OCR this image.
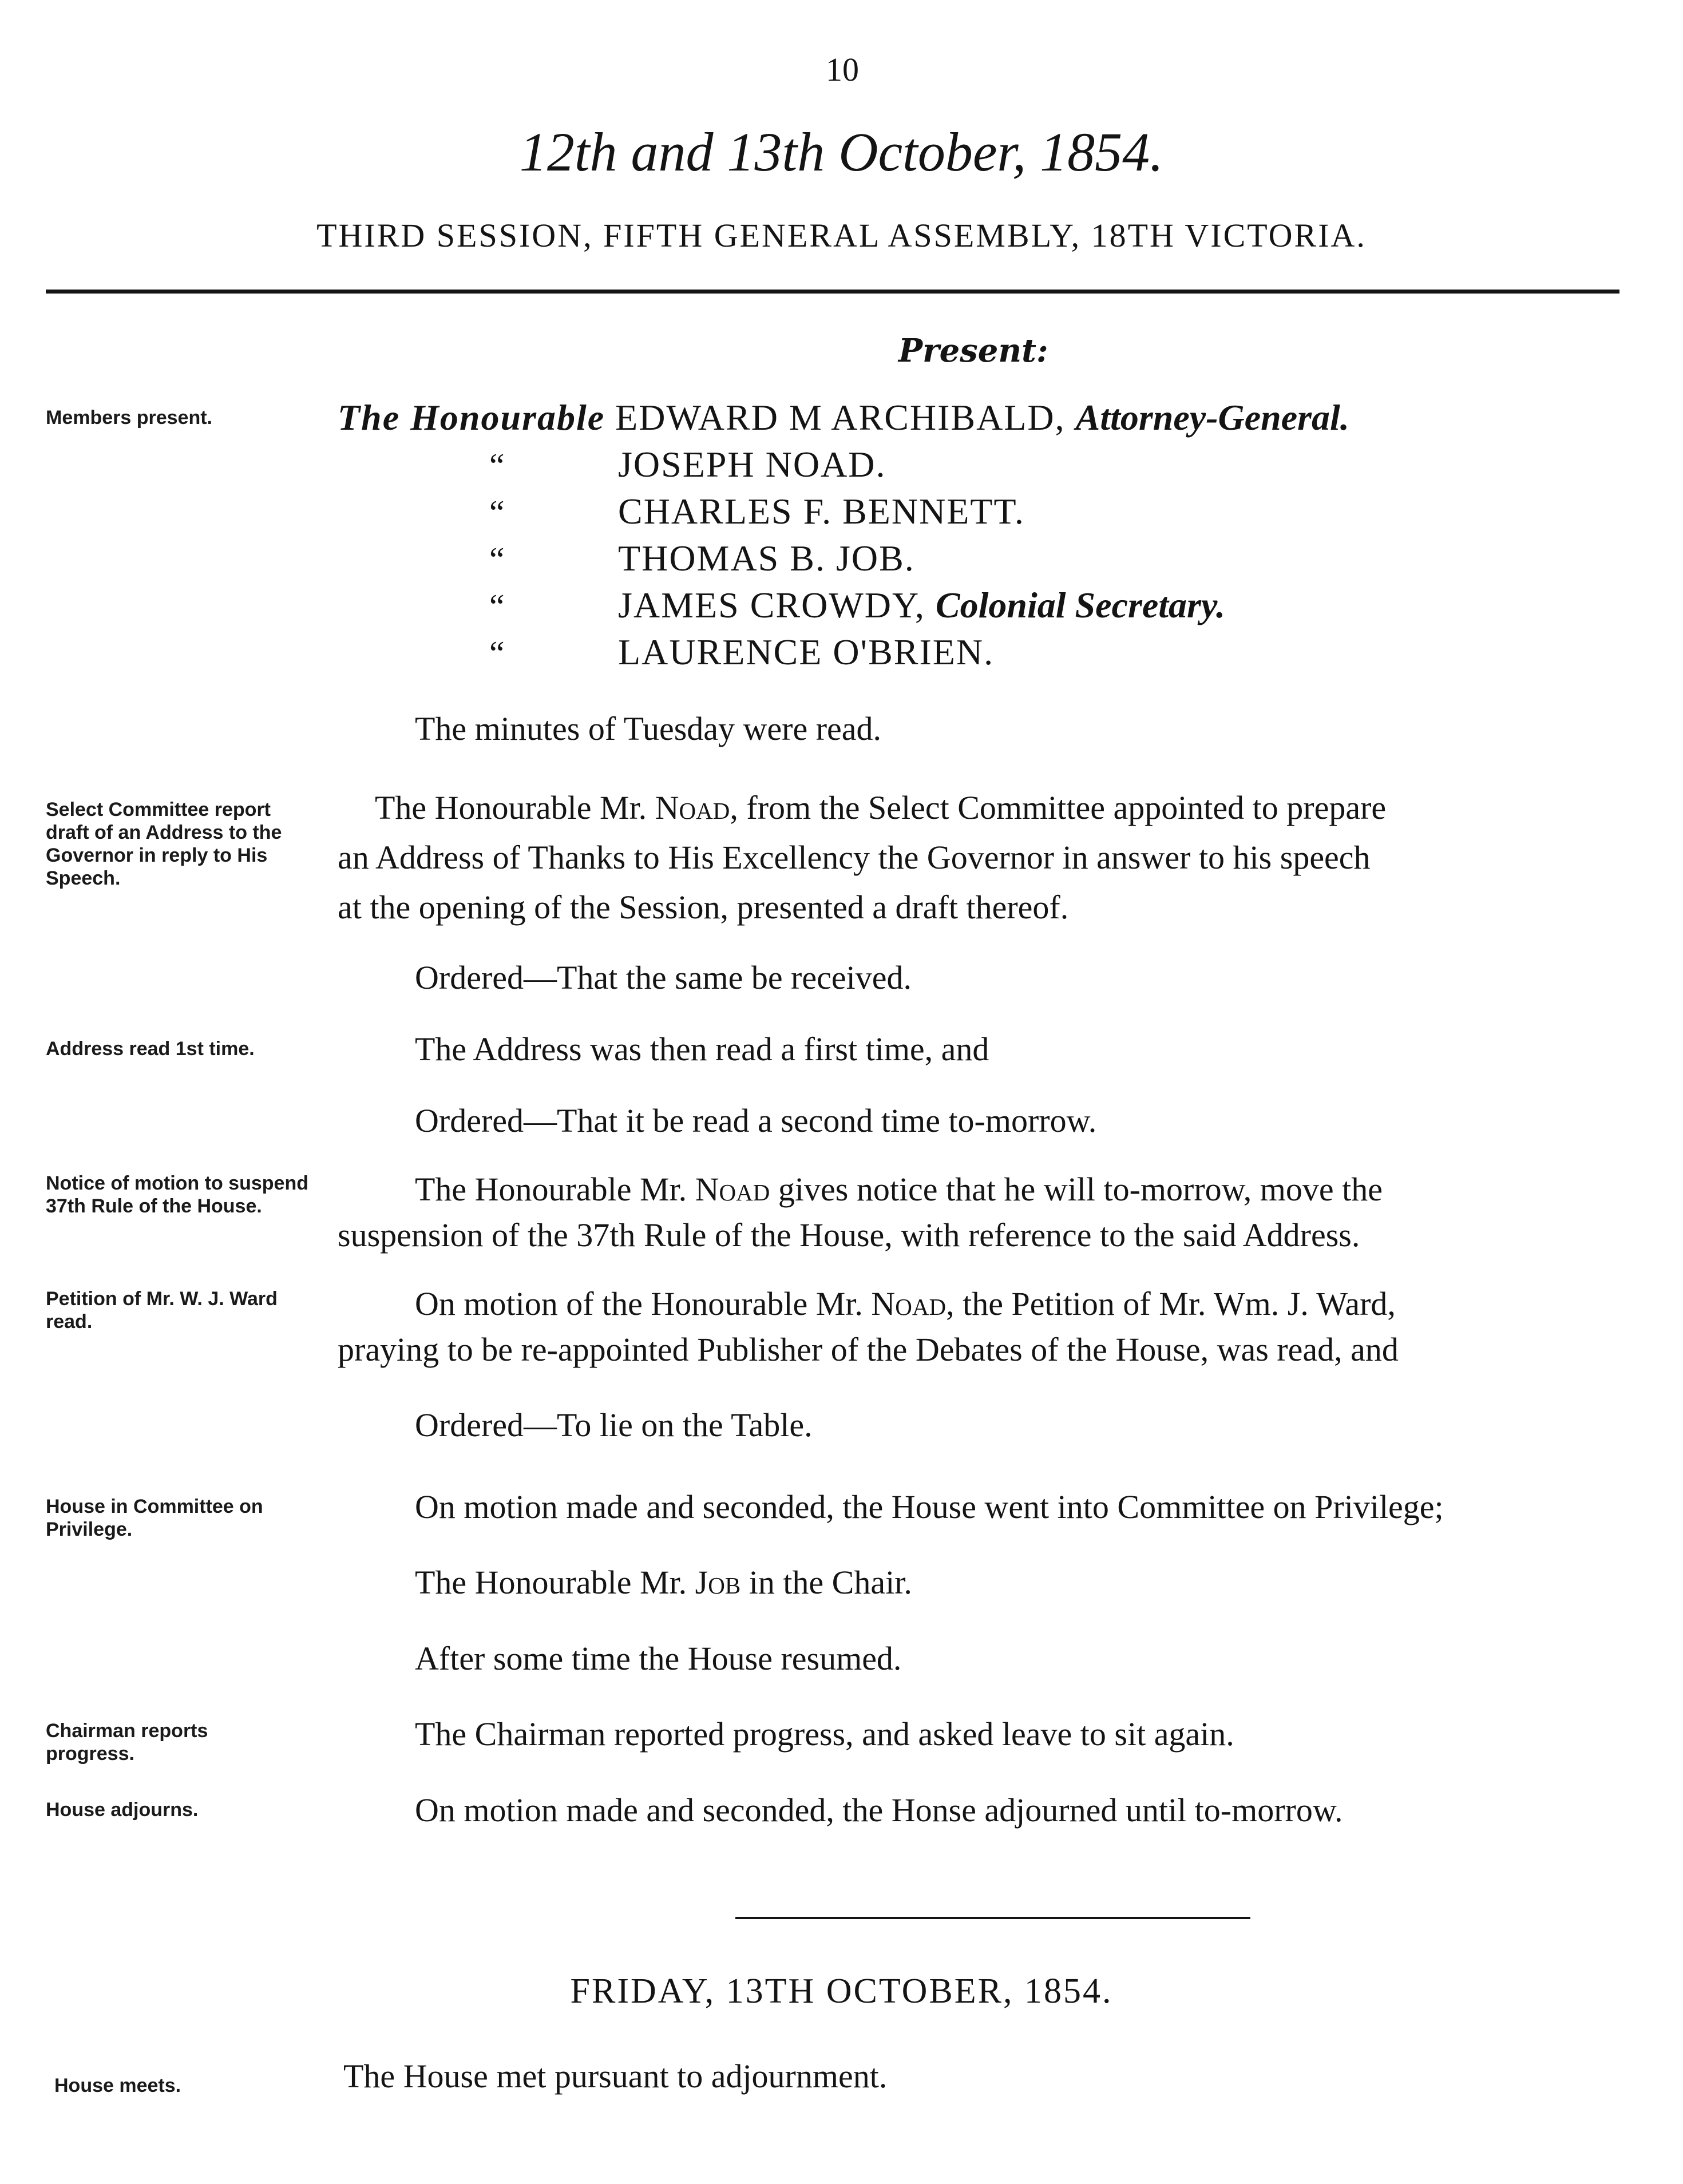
10
12th and 13th October, 1854.
THIRD SESSION, FIFTH GENERAL ASSEMBLY, 18TH VICTORIA.
Present:
Members present.	The Honourable EDWARD M ARCHIBALD, Attorney-General.
“	JOSEPH NOAD.
“	CHARLES F. BENNETT.
“	THOMAS B. JOB.
“	JAMES CROWDY, Colonial Secretary.
“	LAURENCE O'BRIEN.
The minutes of Tuesday were read.
Select Committee report draft of an Address to the Governor in reply to His Speech.
The Honourable Mr. Noad, from the Select Committee appointed to prepare
an Address of Thanks to His Excellency the Governor in answer to his speech
at the opening of the Session, presented a draft thereof.
Ordered—That the same be received.
Address read 1st time.	The Address was then read a first time, and
Ordered—That it be read a second time to-morrow.
Notice of motion to suspend 37th Rule of the House.	The Honourable Mr. Noad gives notice that he will to-morrow, move the
suspension of the 37th Rule of the House, with reference to the said Address.
Petition of Mr. W. J. Ward read.	On motion of the Honourable Mr. Noad, the Petition of Mr. Wm. J. Ward,
praying to be re-appointed Publisher of the Debates of the House, was read, and
Ordered—To lie on the Table.
House in Committee on Privilege.
On motion made and seconded, the House went into Committee on Privilege;
The Honourable Mr. Job in the Chair.
After some time the House resumed.
Chairman reports progress.
The Chairman reported progress, and asked leave to sit again.
House adjourns.	On motion made and seconded, the Honse adjourned until to-morrow.
FRIDAY, 13TH OCTOBER, 1854.
House meets.	The House met pursuant to adjournment.
